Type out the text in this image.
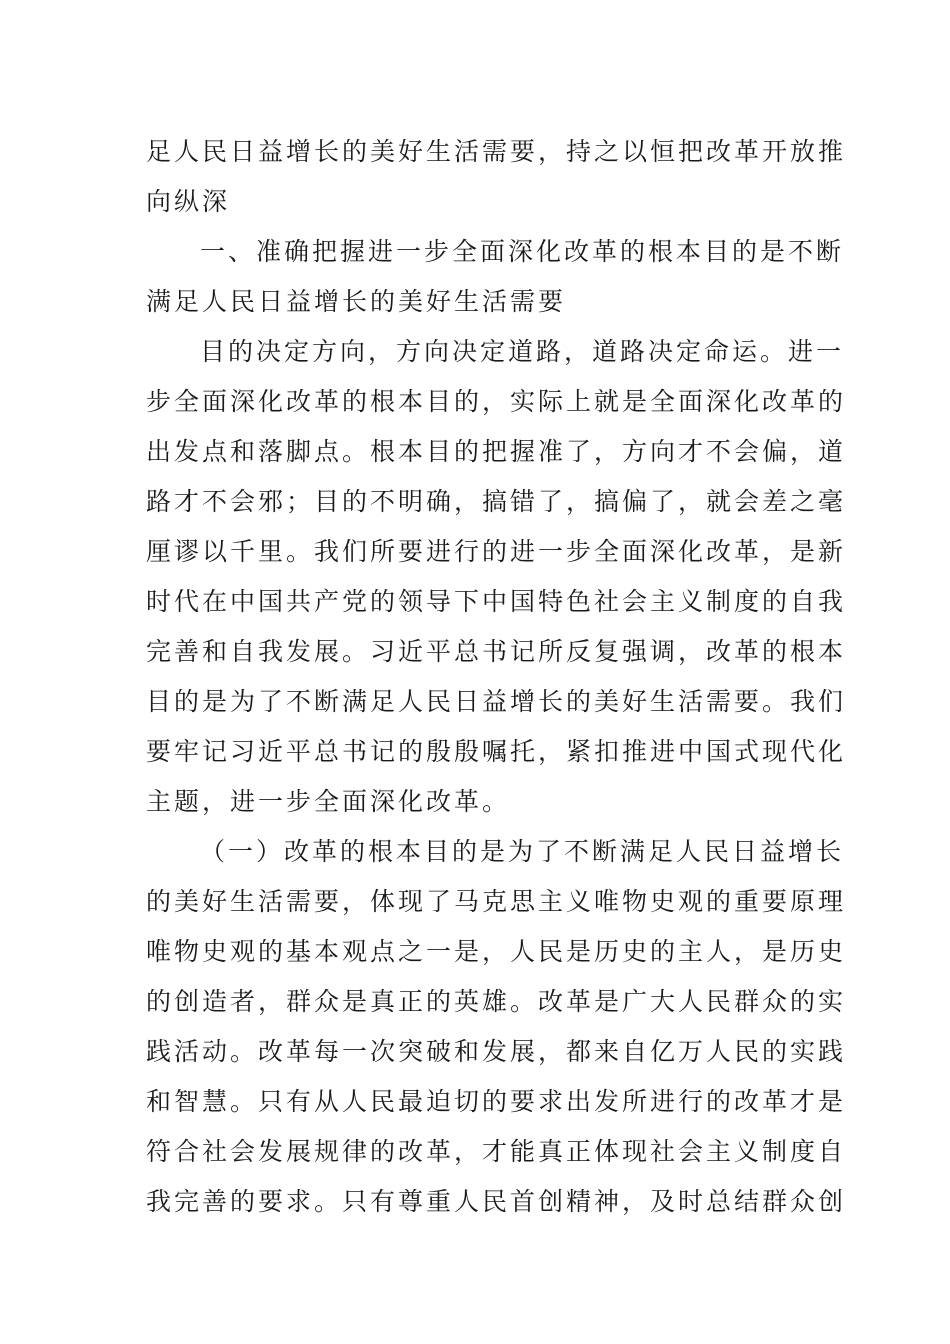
足人民日益增长的美好生活需要，持之以恒把改革开放推
向纵深
一、准确把握进一步全面深化改革的根本目的是不断
满足人民日益增长的美好生活需要
目的决定方向，方向决定道路，道路决定命运。进一
步全面深化改革的根本目的，实际上就是全面深化改革的
出发点和落脚点。根本目的把握准了，方向才不会偏，道
路才不会邪；目的不明确，搞错了，搞偏了，就会差之毫
厘谬以千里。我们所要进行的进一步全面深化改革，是新
时代在中国共产党的领导下中国特色社会主义制度的自我
完善和自我发展。习近平总书记所反复强调，改革的根本
目的是为了不断满足人民日益增长的美好生活需要。我们
要牢记习近平总书记的殷殷嘱托，紧扣推进中国式现代化
主题，进一步全面深化改革。
（一）改革的根本目的是为了不断满足人民日益增长
的美好生活需要，体现了马克思主义唯物史观的重要原理
唯物史观的基本观点之一是，人民是历史的主人，是历史
的创造者，群众是真正的英雄。改革是广大人民群众的实
践活动。改革每一次突破和发展，都来自亿万人民的实践
和智慧。只有从人民最迫切的要求出发所进行的改革才是
符合社会发展规律的改革，才能真正体现社会主义制度自
我完善的要求。只有尊重人民首创精神，及时总结群众创
